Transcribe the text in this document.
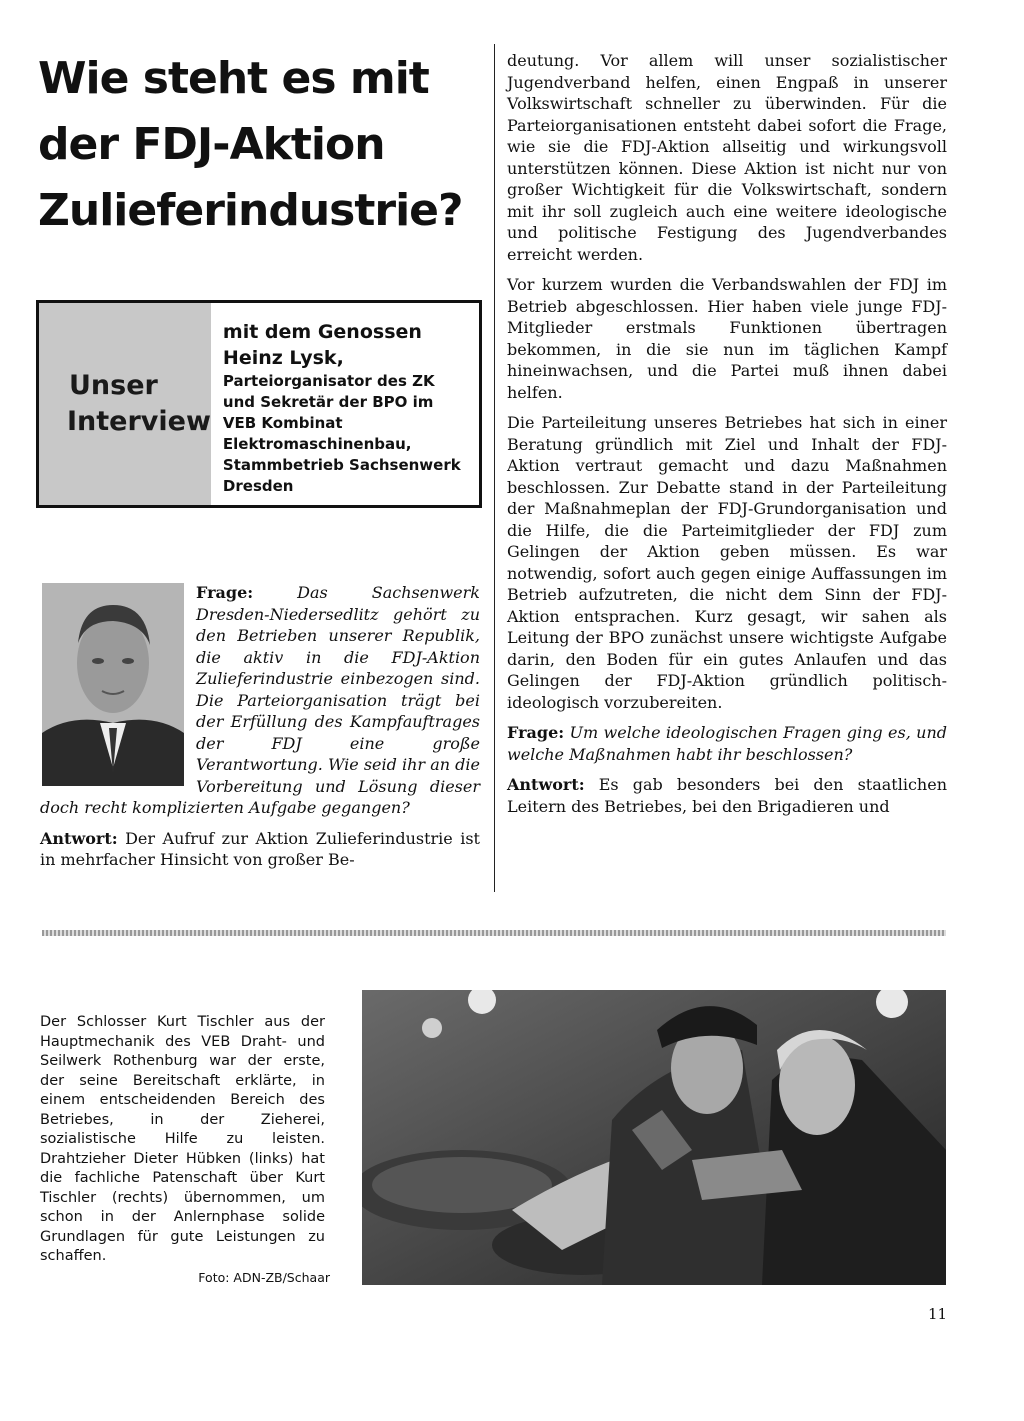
Wie steht es mit der FDJ-Aktion Zulieferindustrie?
Unser
Interview
mit dem Genossen
Heinz Lysk,
Parteiorganisator des ZK und Sekretär der BPO im VEB Kombinat Elektromaschinenbau, Stammbetrieb Sachsenwerk Dresden

Frage:	Das Sachsenwerk Dresden-Niedersedlitz gehört zu den Betrieben unserer Republik, die aktiv in die FDJ-Aktion Zulieferindustrie einbezogen sind. Die Parteiorganisation trägt bei der Erfüllung des Kampfauftrages der FDJ eine große Verantwortung. Wie seid ihr an die Vorbereitung und Lösung dieser doch recht komplizierten Aufgabe gegangen?

Antwort: Der Aufruf zur Aktion Zulieferindustrie ist in mehrfacher Hinsicht von großer Be-

deutung. Vor allem will unser sozialistischer Jugendverband helfen, einen Engpaß in unserer Volkswirtschaft schneller zu überwinden. Für die Parteiorganisationen entsteht dabei sofort die Frage, wie sie die FDJ-Aktion allseitig und wirkungsvoll unterstützen können. Diese Aktion ist nicht nur von großer Wichtigkeit für die Volkswirtschaft, sondern mit ihr soll zugleich auch eine weitere ideologische und politische Festigung des Jugendverbandes erreicht werden.

Vor kurzem wurden die Verbandswahlen der FDJ im Betrieb abgeschlossen. Hier haben viele junge FDJ-Mitglieder erstmals Funktionen übertragen bekommen, in die sie nun im täglichen Kampf hineinwachsen, und die Partei muß ihnen dabei helfen.

Die Parteileitung unseres Betriebes hat sich in einer Beratung gründlich mit Ziel und Inhalt der FDJ-Aktion vertraut gemacht und dazu Maßnahmen beschlossen. Zur Debatte stand in der Parteileitung der Maßnahmeplan der FDJ-Grundorganisation und die Hilfe, die die Parteimitglieder der FDJ zum Gelingen der Aktion geben müssen. Es war notwendig, sofort auch gegen einige Auffassungen im Betrieb aufzutreten, die nicht dem Sinn der FDJ-Aktion entsprachen. Kurz gesagt, wir sahen als Leitung der BPO zunächst unsere wichtigste Aufgabe darin, den Boden für ein gutes Anlaufen und das Gelingen der FDJ-Aktion gründlich politisch-ideologisch vorzubereiten.

Frage: Um welche ideologischen Fragen ging es, und welche Maßnahmen habt ihr beschlossen?

Antwort: Es gab besonders bei den staatlichen Leitern des Betriebes, bei den Brigadieren und

Der Schlosser Kurt Tischler aus der Hauptmechanik des VEB Draht- und Seilwerk Rothenburg war der erste, der seine Bereitschaft erklärte, in einem entscheidenden Bereich des Betriebes, in der Zieherei, sozialistische Hilfe zu leisten. Drahtzieher Dieter Hübken (links) hat die fachliche Patenschaft über Kurt Tischler (rechts) übernommen, um schon in der Anlernphase solide Grundlagen für gute Leistungen zu schaffen.
Foto: ADN-ZB/Schaar
11
